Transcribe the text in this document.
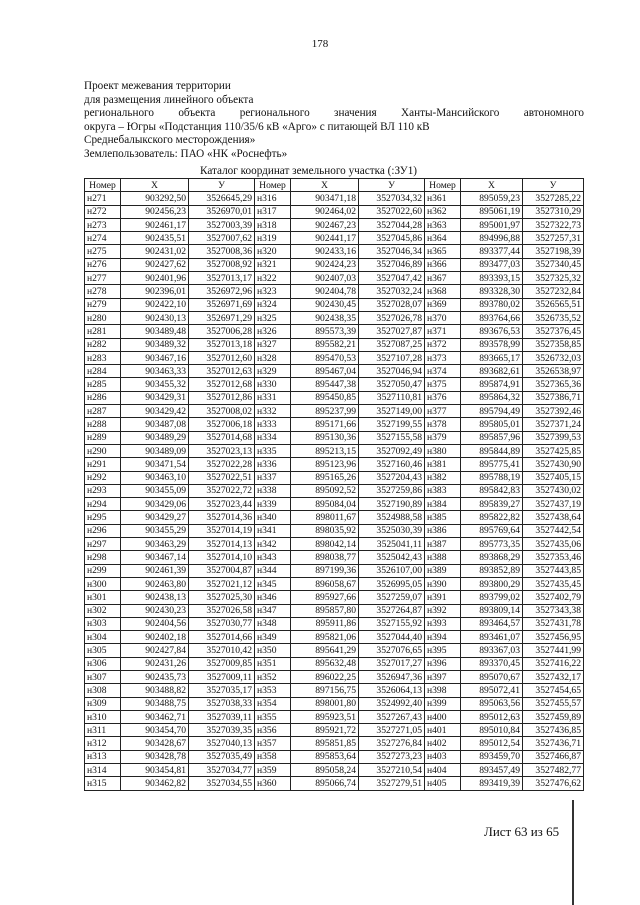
178
Проект межевания территории
для размещения линейного объекта
регионального объекта регионального значения Ханты-Мансийского автономного
округа – Югры «Подстанция 110/35/6 кВ «Арго» с питающей ВЛ 110 кВ
Среднебалыкского месторождения»
Землепользователь: ПАО «НК «Роснефть»
Каталог координат земельного участка (:ЗУ1)
Номер	X	У	Номер	X	У	Номер	X	У
н271	903292,50	3526645,29	н316	903471,18	3527034,32	н361	895059,23	3527285,22
н272	902456,23	3526970,01	н317	902464,02	3527022,60	н362	895061,19	3527310,29
н273	902461,17	3527003,39	н318	902467,23	3527044,28	н363	895001,97	3527322,73
н274	902435,51	3527007,62	н319	902441,17	3527045,86	н364	894996,88	3527257,31
н275	902431,02	3527008,36	н320	902433,16	3527046,34	н365	893377,44	3527198,39
н276	902427,62	3527008,92	н321	902424,23	3527046,89	н366	893477,03	3527340,45
н277	902401,96	3527013,17	н322	902407,03	3527047,42	н367	893393,15	3527325,32
н278	902396,01	3526972,96	н323	902404,78	3527032,24	н368	893328,30	3527232,84
н279	902422,10	3526971,69	н324	902430,45	3527028,07	н369	893780,02	3526565,51
н280	902430,13	3526971,29	н325	902438,35	3527026,78	н370	893764,66	3526735,52
н281	903489,48	3527006,28	н326	895573,39	3527027,87	н371	893676,53	3527376,45
н282	903489,32	3527013,18	н327	895582,21	3527087,25	н372	893578,99	3527358,85
н283	903467,16	3527012,60	н328	895470,53	3527107,28	н373	893665,17	3526732,03
н284	903463,33	3527012,63	н329	895467,04	3527046,94	н374	893682,61	3526538,97
н285	903455,32	3527012,68	н330	895447,38	3527050,47	н375	895874,91	3527365,36
н286	903429,31	3527012,86	н331	895450,85	3527110,81	н376	895864,32	3527386,71
н287	903429,42	3527008,02	н332	895237,99	3527149,00	н377	895794,49	3527392,46
н288	903487,08	3527006,18	н333	895171,66	3527199,55	н378	895805,01	3527371,24
н289	903489,29	3527014,68	н334	895130,36	3527155,58	н379	895857,96	3527399,53
н290	903489,09	3527023,13	н335	895213,15	3527092,49	н380	895844,89	3527425,85
н291	903471,54	3527022,28	н336	895123,96	3527160,46	н381	895775,41	3527430,90
н292	903463,10	3527022,51	н337	895165,26	3527204,43	н382	895788,19	3527405,15
н293	903455,09	3527022,72	н338	895092,52	3527259,86	н383	895842,83	3527430,02
н294	903429,06	3527023,44	н339	895084,04	3527190,89	н384	895839,27	3527437,19
н295	903429,27	3527014,36	н340	898011,67	3524988,58	н385	895822,82	3527438,64
н296	903455,29	3527014,19	н341	898035,92	3525030,39	н386	895769,64	3527442,54
н297	903463,29	3527014,13	н342	898042,14	3525041,11	н387	895773,35	3527435,06
н298	903467,14	3527014,10	н343	898038,77	3525042,43	н388	893868,29	3527353,46
н299	902461,39	3527004,87	н344	897199,36	3526107,00	н389	893852,89	3527443,85
н300	902463,80	3527021,12	н345	896058,67	3526995,05	н390	893800,29	3527435,45
н301	902438,13	3527025,30	н346	895927,66	3527259,07	н391	893799,02	3527402,79
н302	902430,23	3527026,58	н347	895857,80	3527264,87	н392	893809,14	3527343,38
н303	902404,56	3527030,77	н348	895911,86	3527155,92	н393	893464,57	3527431,78
н304	902402,18	3527014,66	н349	895821,06	3527044,40	н394	893461,07	3527456,95
н305	902427,84	3527010,42	н350	895641,29	3527076,65	н395	893367,03	3527441,99
н306	902431,26	3527009,85	н351	895632,48	3527017,27	н396	893370,45	3527416,22
н307	902435,73	3527009,11	н352	896022,25	3526947,36	н397	895070,67	3527432,17
н308	903488,82	3527035,17	н353	897156,75	3526064,13	н398	895072,41	3527454,65
н309	903488,75	3527038,33	н354	898001,80	3524992,40	н399	895063,56	3527455,57
н310	903462,71	3527039,11	н355	895923,51	3527267,43	н400	895012,63	3527459,89
н311	903454,70	3527039,35	н356	895921,72	3527271,05	н401	895010,84	3527436,85
н312	903428,67	3527040,13	н357	895851,85	3527276,84	н402	895012,54	3527436,71
н313	903428,78	3527035,49	н358	895853,64	3527273,23	н403	893459,70	3527466,87
н314	903454,81	3527034,77	н359	895058,24	3527210,54	н404	893457,49	3527482,77
н315	903462,82	3527034,55	н360	895066,74	3527279,51	н405	893419,39	3527476,62
Лист 63 из 65
